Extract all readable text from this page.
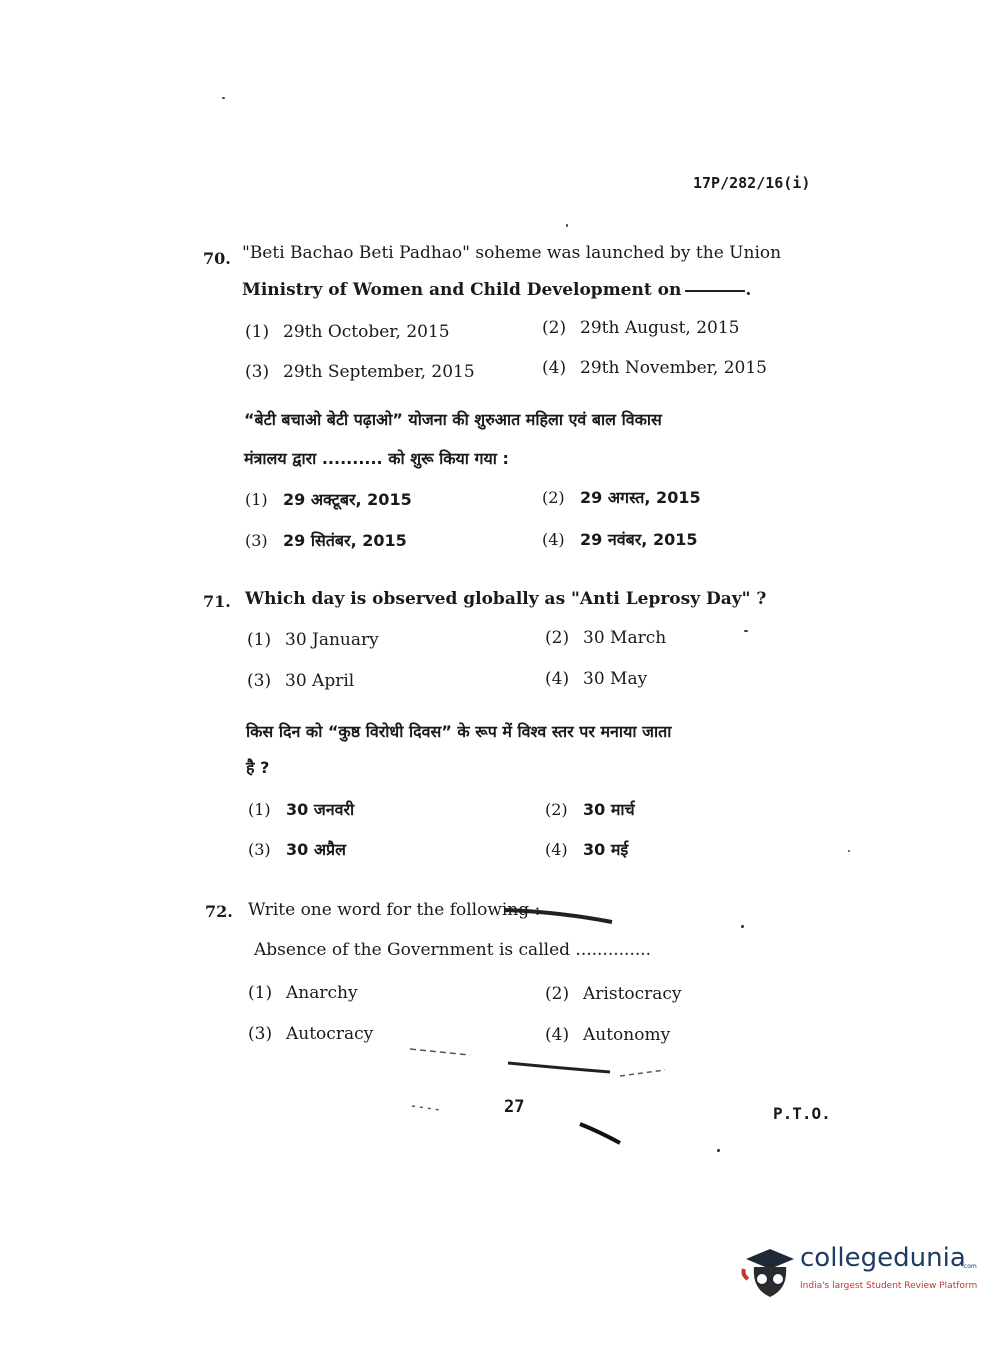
17P/282/16(i)
70. "Beti Bachao Beti Padhao" soheme was launched by the Union
Ministry of Women and Child Development on	.
(1) 29th October, 2015	(2) 29th August, 2015
(3) 29th September, 2015	(4) 29th November, 2015
“बेटी बचाओ बेटी पढ़ाओ” योजना की शुरुआत महिला एवं बाल विकास
मंत्रालय द्वारा .......... को शुरू किया गया :
(1) 29 अक्टूबर, 2015	(2) 29 अगस्त, 2015
(3) 29 सितंबर, 2015	(4) 29 नवंबर, 2015
71. Which day is observed globally as "Anti Leprosy Day" ?
(1) 30 January	(2) 30 March
(3) 30 April	(4) 30 May
किस दिन को “कुष्ठ विरोधी दिवस” के रूप में विश्व स्तर पर मनाया जाता
है ?
(1) 30 जनवरी	(2) 30 मार्च
(3) 30 अप्रैल	(4) 30 मई
72. Write one word for the following :
Absence of the Government is called ..............
(1) Anarchy	(2) Aristocracy
(3) Autocracy	(4) Autonomy
27	P.T.O.
collegedunia
.com
India's largest Student Review Platform
